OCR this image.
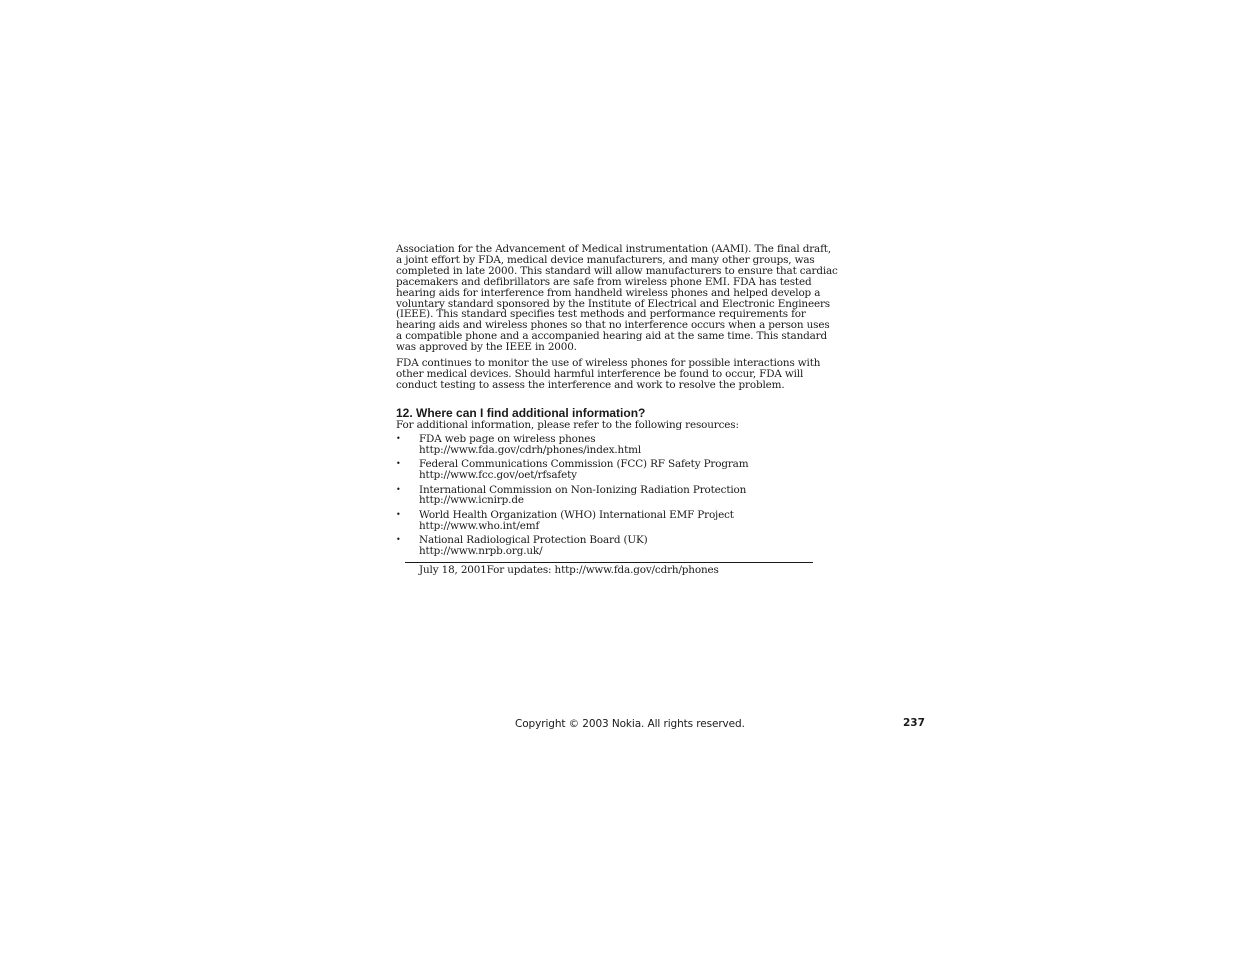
Association for the Advancement of Medical instrumentation (AAMI). The final draft, a joint effort by FDA, medical device manufacturers, and many other groups, was completed in late 2000. This standard will allow manufacturers to ensure that cardiac pacemakers and defibrillators are safe from wireless phone EMI. FDA has tested hearing aids for interference from handheld wireless phones and helped develop a voluntary standard sponsored by the Institute of Electrical and Electronic Engineers (IEEE). This standard specifies test methods and performance requirements for hearing aids and wireless phones so that no interference occurs when a person uses a compatible phone and a accompanied hearing aid at the same time. This standard was approved by the IEEE in 2000.

FDA continues to monitor the use of wireless phones for possible interactions with other medical devices. Should harmful interference be found to occur, FDA will conduct testing to assess the interference and work to resolve the problem.

12. Where can I find additional information?
For additional information, please refer to the following resources:
• FDA web page on wireless phones
http://www.fda.gov/cdrh/phones/index.html
• Federal Communications Commission (FCC) RF Safety Program
http://www.fcc.gov/oet/rfsafety
• International Commission on Non-Ionizing Radiation Protection
http://www.icnirp.de
• World Health Organization (WHO) International EMF Project
http://www.who.int/emf
• National Radiological Protection Board (UK)
http://www.nrpb.org.uk/
July 18, 2001For updates: http://www.fda.gov/cdrh/phones
Copyright © 2003 Nokia. All rights reserved.	237
